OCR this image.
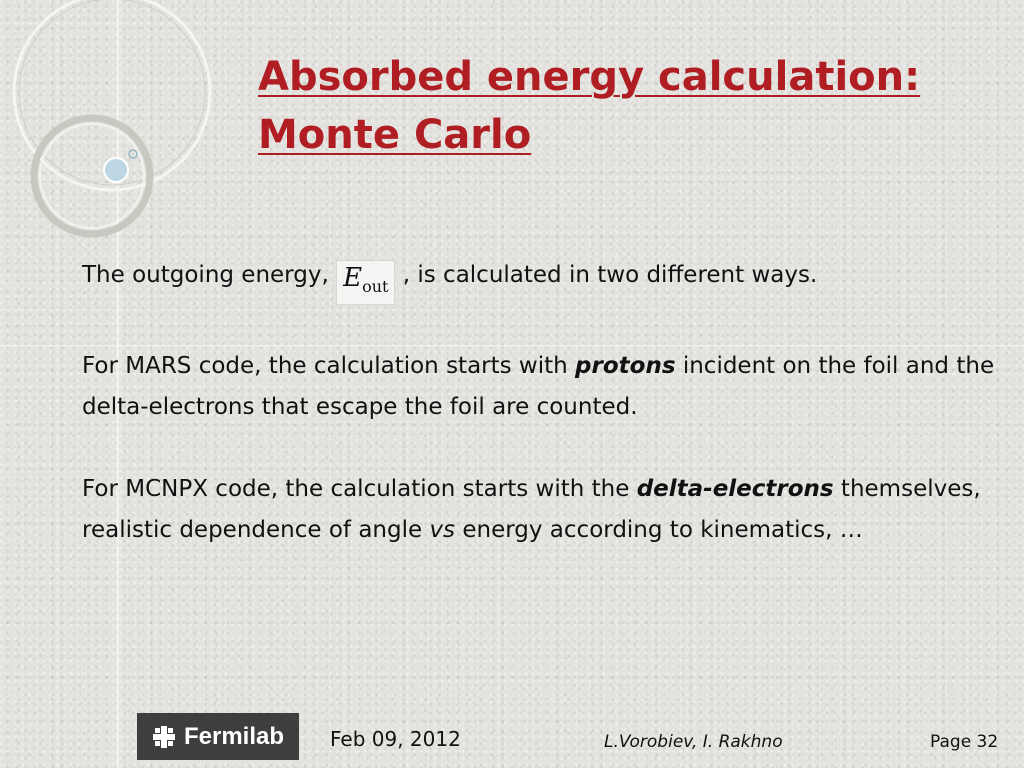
Absorbed energy calculation: Monte Carlo

The outgoing energy, $E_{out}$ , is calculated in two different ways.

For MARS code, the calculation starts with protons incident on the foil and the delta-electrons that escape the foil are counted.

For MCNPX code, the calculation starts with the delta-electrons themselves, realistic dependence of angle vs energy according to kinematics, …

Fermilab Feb 09, 2012	L.Vorobiev, I. Rakhno	Page 32
